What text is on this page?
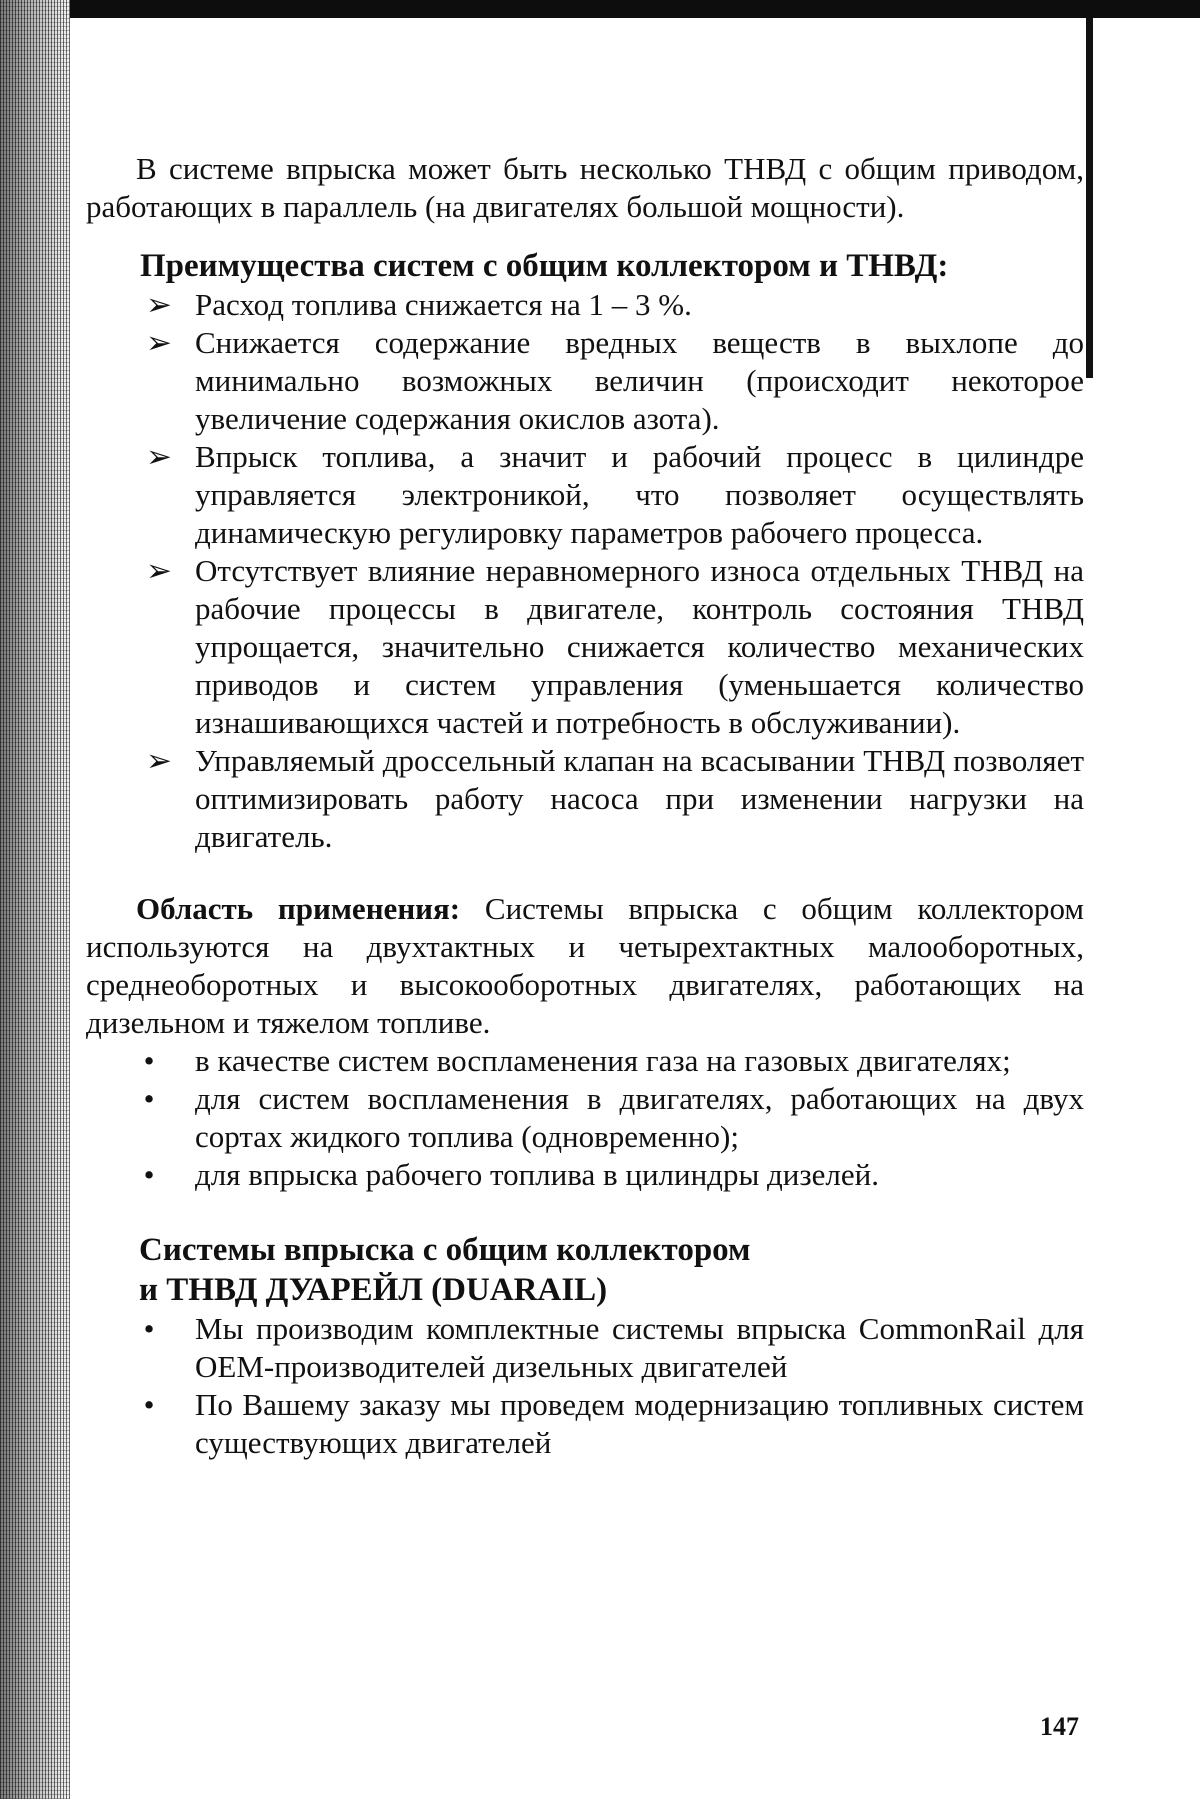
В системе впрыска может быть несколько ТНВД с общим приводом, работающих в параллель (на двигателях большой мощности).

Преимущества систем с общим коллектором и ТНВД:
➢ Расход топлива снижается на 1 – 3 %.
➢ Снижается содержание вредных веществ в выхлопе до минимально возможных величин (происходит некоторое увеличение содержания окислов азота).
➢ Впрыск топлива, а значит и рабочий процесс в цилиндре управляется электроникой, что позволяет осуществлять динамическую регулировку параметров рабочего процесса.
➢ Отсутствует влияние неравномерного износа отдельных ТНВД на рабочие процессы в двигателе, контроль состояния ТНВД упрощается, значительно снижается количество механических приводов и систем управления (уменьшается количество изнашивающихся частей и потребность в обслуживании).
➢ Управляемый дроссельный клапан на всасывании ТНВД позволяет оптимизировать работу насоса при изменении нагрузки на двигатель.

Область применения: Системы впрыска с общим коллектором используются на двухтактных и четырехтактных малооборотных, среднеоборотных и высокооборотных двигателях, работающих на дизельном и тяжелом топливе.

•	в качестве систем воспламенения газа на газовых двигателях;
•	для систем воспламенения в двигателях, работающих на двух сортах жидкого топлива (одновременно);
•	для впрыска рабочего топлива в цилиндры дизелей.
Системы впрыска с общим коллектором
и ТНВД ДУАРЕЙЛ (DUARAIL)
•	Мы производим комплектные системы впрыска CommonRail для ОЕМ-производителей дизельных двигателей
•	По Вашему заказу мы проведем модернизацию топливных систем существующих двигателей
147
